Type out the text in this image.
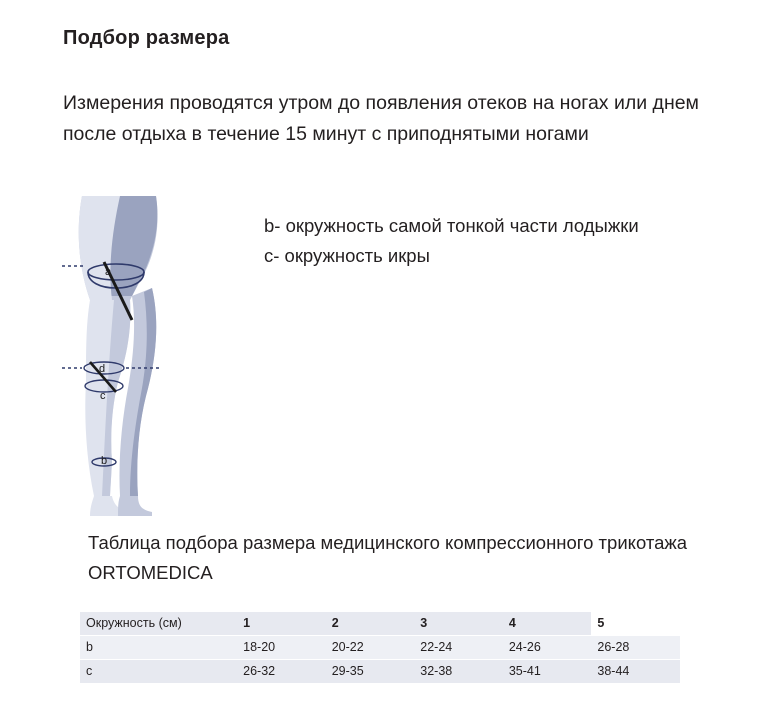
Подбор размера
Измерения проводятся утром до появления отеков на ногах или днем после отдыха в течение 15 минут с приподнятыми ногами
a
d
c
b
b- окружность самой тонкой части лодыжки
c- окружность икры
Таблица подбора размера медицинского компрессионного трикотажа ORTOMEDICA
Окружность (см)	1	2	3	4	5
b	18-20	20-22	22-24	24-26	26-28
c	26-32	29-35	32-38	35-41	38-44
